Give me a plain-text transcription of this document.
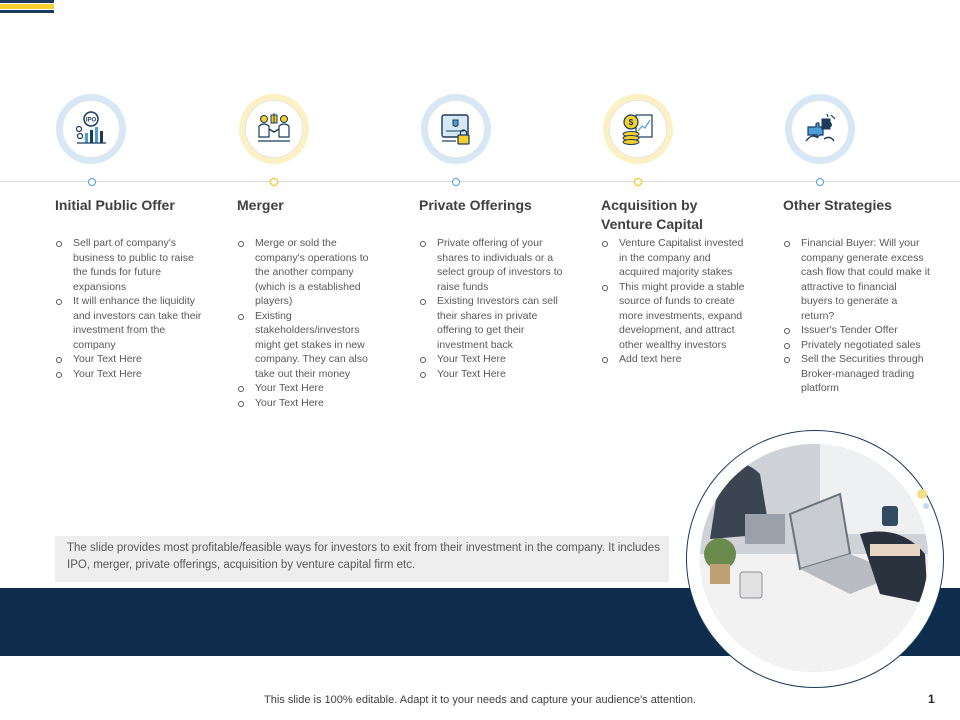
IPO
Initial Public Offer
Sell part of company's business to public to raise the funds for future expansions
It will enhance the liquidity and investors can take their investment from the company
Your Text Here
Your Text Here
Merger
Merge or sold the company's operations to the another company (which is a established players)
Existing stakeholders/investors might get stakes in new company. They can also take out their money
Your Text Here
Your Text Here
Private Offerings
Private offering of your shares to individuals or a select group of investors to raise funds
Existing Investors can sell their shares in private offering to get their investment back
Your Text Here
Your Text Here
$
Acquisition by Venture Capital
Venture Capitalist invested in the company and acquired majority stakes
This might provide a stable source of funds to create more investments, expand development, and attract other wealthy investors
Add text here
Other Strategies
Financial Buyer: Will your company generate excess cash flow that could make it attractive to financial buyers to generate a return?
Issuer's Tender Offer
Privately negotiated sales
Sell the Securities through Broker-managed trading platform
The slide provides most profitable/feasible ways for investors to exit from their investment in the company. It includes IPO, merger, private offerings, acquisition by venture capital firm etc.
This slide is 100% editable. Adapt it to your needs and capture your audience's attention.	1
